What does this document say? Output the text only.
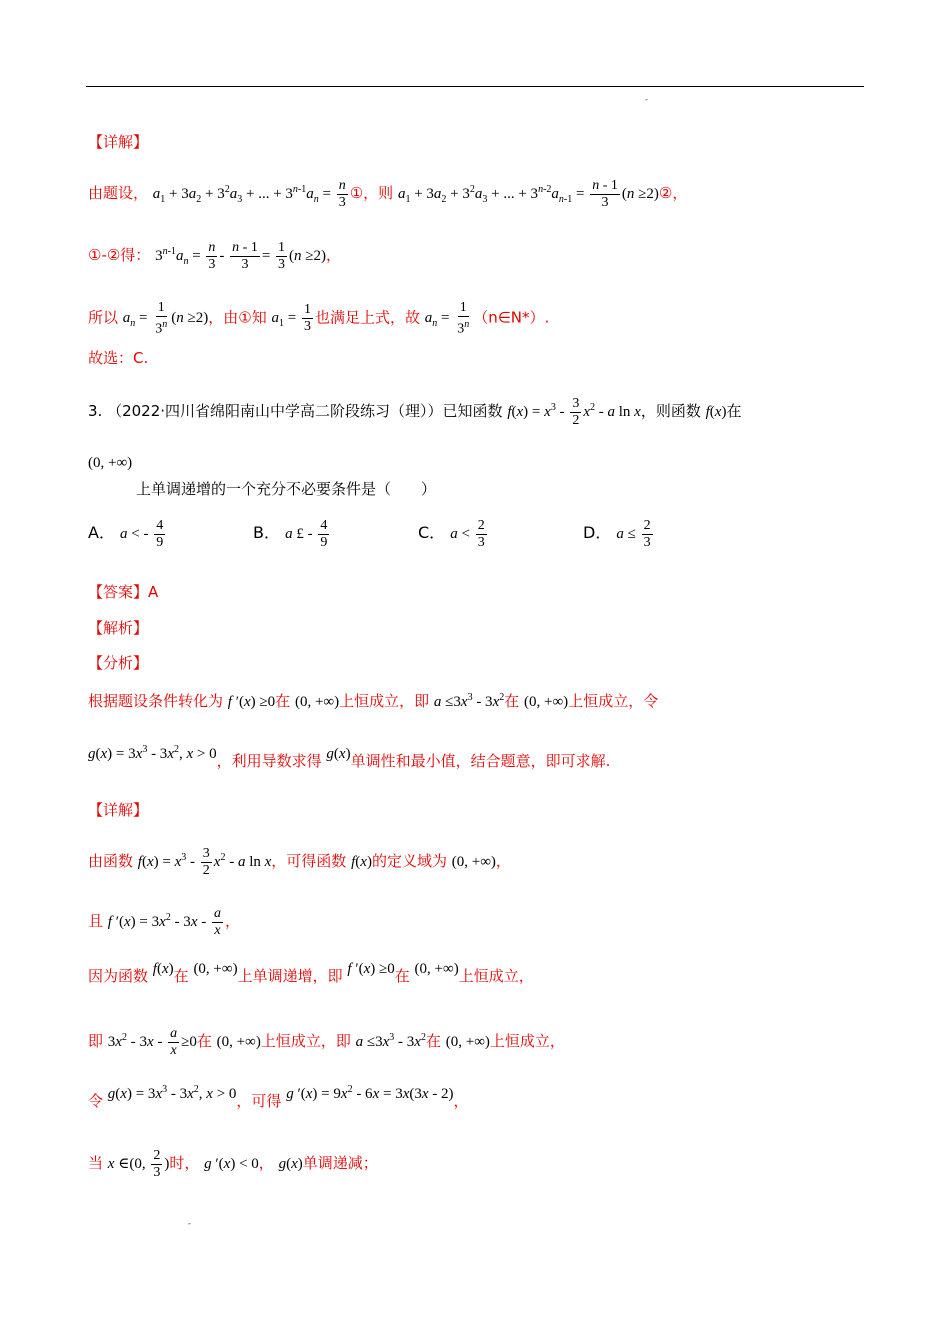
″
【详解】
由题设， $a_1 + 3a_2 + 3^2a_3$ + ... + $3^{n-1}a_n = \frac{n}{3}$ ①，则 $a_1 + 3a_2 + 3^2a_3$ + ... + $3^{n-2}a_{n-1} = \frac{n - 1}{3} (n$ ≥2)②，
①-②得： $3^{n-1}a_n = \frac{n}{3} - \frac{n - 1}{3} = \frac{1}{3} (n \ge 2)$，
所以 $a_n = \frac{1}{3^n} (n \ge 2)$，由①知 $a_1 = \frac{1}{3}$ 也满足上式，故 $a_n = \frac{1}{3^n}$ （n∈N*）.
故选：C.
3. （2022·四川省绵阳南山中学高二阶段练习（理））已知函数 $f(x) = x^3 - \frac{3}{2} x^2 - a$ ln x，则函数 f(x)在
(0, +∞)
上单调递增的一个充分不必要条件是（　　）
A． a < - $\frac{4}{9}$	B． a £ - $\frac{4}{9}$	C． $a < \frac{2}{3}$	D． $a \le \frac{2}{3}$
【答案】A
【解析】
【分析】
根据题设条件转化为 f ′(x) ≥0在 (0, +∞)上恒成立，即 $a \le 3x^3 - 3x^2$在 (0, +∞)上恒成立，令
$g(x) = 3x^3 - 3x^2$, x > 0，利用导数求得 g(x)单调性和最小值，结合题意，即可求解.
【详解】
由函数 $f(x) = x^3 - \frac{3}{2} x^2 - a$ ln x，可得函数 f(x)的定义域为 (0, +∞)，
且 f $'(x) = 3x^2 - 3x - \frac{a}{x}$ ，
因为函数 f(x)在 (0, +∞)上单调递增，即 f ′(x) ≥0在 (0, +∞)上恒成立，
即 $3x^2 - 3x - \frac{a}{x} \ge 0$在 (0, +∞)上恒成立，即 $a \le 3x^3 - 3x^2$在 (0, +∞)上恒成立，
令 $g(x) = 3x^3 - 3x^2$, x > 0，可得 g $'(x) = 9x^2 - 6x = 3x(3x - 2)$，
当 x ∈(0, $\frac{2}{3}$ )时， g ′(x) < 0， g(x)单调递减；
″
